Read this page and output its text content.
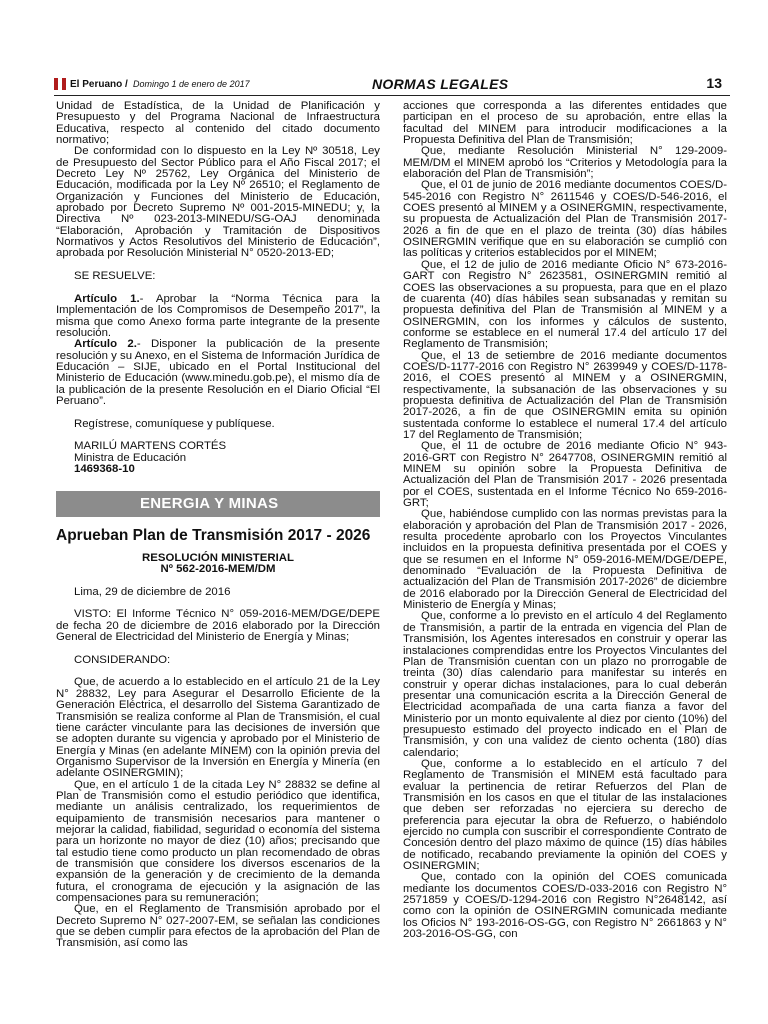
El Peruano / Domingo 1 de enero de 2017	NORMAS LEGALES	13

Unidad de Estadística, de la Unidad de Planificación y Presupuesto y del Programa Nacional de Infraestructura Educativa, respecto al contenido del citado documento normativo;

De conformidad con lo dispuesto en la Ley Nº 30518, Ley de Presupuesto del Sector Público para el Año Fiscal 2017; el Decreto Ley Nº 25762, Ley Orgánica del Ministerio de Educación, modificada por la Ley Nº 26510; el Reglamento de Organización y Funciones del Ministerio de Educación, aprobado por Decreto Supremo Nº 001-2015-MINEDU; y, la Directiva Nº 023-2013-MINEDU/SG-OAJ denominada “Elaboración, Aprobación y Tramitación de Dispositivos Normativos y Actos Resolutivos del Ministerio de Educación”, aprobada por Resolución Ministerial N° 0520-2013-ED;

SE RESUELVE:

Artículo 1.- Aprobar la “Norma Técnica para la Implementación de los Compromisos de Desempeño 2017”, la misma que como Anexo forma parte integrante de la presente resolución.

Artículo 2.- Disponer la publicación de la presente resolución y su Anexo, en el Sistema de Información Jurídica de Educación – SIJE, ubicado en el Portal Institucional del Ministerio de Educación (www.minedu.gob.pe), el mismo día de la publicación de la presente Resolución en el Diario Oficial “El Peruano”.

Regístrese, comuníquese y publíquese.

MARILÚ MARTENS CORTÉS

Ministra de Educación

1469368-10

ENERGIA Y MINAS
Aprueban Plan de Transmisión 2017 - 2026

RESOLUCIÓN MINISTERIAL

Nº 562-2016-MEM/DM

Lima, 29 de diciembre de 2016

VISTO: El Informe Técnico N° 059-2016-MEM/DGE/DEPE de fecha 20 de diciembre de 2016 elaborado por la Dirección General de Electricidad del Ministerio de Energía y Minas;

CONSIDERANDO:

Que, de acuerdo a lo establecido en el artículo 21 de la Ley N° 28832, Ley para Asegurar el Desarrollo Eficiente de la Generación Eléctrica, el desarrollo del Sistema Garantizado de Transmisión se realiza conforme al Plan de Transmisión, el cual tiene carácter vinculante para las decisiones de inversión que se adopten durante su vigencia y aprobado por el Ministerio de Energía y Minas (en adelante MINEM) con la opinión previa del Organismo Supervisor de la Inversión en Energía y Minería (en adelante OSINERGMIN);

Que, en el artículo 1 de la citada Ley N° 28832 se define al Plan de Transmisión como el estudio periódico que identifica, mediante un análisis centralizado, los requerimientos de equipamiento de transmisión necesarios para mantener o mejorar la calidad, fiabilidad, seguridad o economía del sistema para un horizonte no mayor de diez (10) años; precisando que tal estudio tiene como producto un plan recomendado de obras de transmisión que considere los diversos escenarios de la expansión de la generación y de crecimiento de la demanda futura, el cronograma de ejecución y la asignación de las compensaciones para su remuneración;

Que, en el Reglamento de Transmisión aprobado por el Decreto Supremo N° 027-2007-EM, se señalan las condiciones que se deben cumplir para efectos de la aprobación del Plan de Transmisión, así como las

acciones que corresponda a las diferentes entidades que participan en el proceso de su aprobación, entre ellas la facultad del MINEM para introducir modificaciones a la Propuesta Definitiva del Plan de Transmisión;

Que, mediante Resolución Ministerial N° 129-2009-MEM/DM el MINEM aprobó los “Criterios y Metodología para la elaboración del Plan de Transmisión”;

Que, el 01 de junio de 2016 mediante documentos COES/D-545-2016 con Registro N° 2611546 y COES/D-546-2016, el COES presentó al MINEM y a OSINERGMIN, respectivamente, su propuesta de Actualización del Plan de Transmisión 2017-2026 a fin de que en el plazo de treinta (30) días hábiles OSINERGMIN verifique que en su elaboración se cumplió con las políticas y criterios establecidos por el MINEM;

Que, el 12 de julio de 2016 mediante Oficio N° 673-2016-GART con Registro N° 2623581, OSINERGMIN remitió al COES las observaciones a su propuesta, para que en el plazo de cuarenta (40) días hábiles sean subsanadas y remitan su propuesta definitiva del Plan de Transmisión al MINEM y a OSINERGMIN, con los informes y cálculos de sustento, conforme se establece en el numeral 17.4 del artículo 17 del Reglamento de Transmisión;

Que, el 13 de setiembre de 2016 mediante documentos COES/D-1177-2016 con Registro N° 2639949 y COES/D-1178-2016, el COES presentó al MINEM y a OSINERGMIN, respectivamente, la subsanación de las observaciones y su propuesta definitiva de Actualización del Plan de Transmisión 2017-2026, a fin de que OSINERGMIN emita su opinión sustentada conforme lo establece el numeral 17.4 del artículo 17 del Reglamento de Transmisión;

Que, el 11 de octubre de 2016 mediante Oficio N° 943-2016-GRT con Registro N° 2647708, OSINERGMIN remitió al MINEM su opinión sobre la Propuesta Definitiva de Actualización del Plan de Transmisión 2017 - 2026 presentada por el COES, sustentada en el Informe Técnico No 659-2016-GRT;

Que, habiéndose cumplido con las normas previstas para la elaboración y aprobación del Plan de Transmisión 2017 - 2026, resulta procedente aprobarlo con los Proyectos Vinculantes incluidos en la propuesta definitiva presentada por el COES y que se resumen en el Informe N° 059-2016-MEM/DGE/DEPE, denominado “Evaluación de la Propuesta Definitiva de actualización del Plan de Transmisión 2017-2026” de diciembre de 2016 elaborado por la Dirección General de Electricidad del Ministerio de Energía y Minas;

Que, conforme a lo previsto en el artículo 4 del Reglamento de Transmisión, a partir de la entrada en vigencia del Plan de Transmisión, los Agentes interesados en construir y operar las instalaciones comprendidas entre los Proyectos Vinculantes del Plan de Transmisión cuentan con un plazo no prorrogable de treinta (30) días calendario para manifestar su interés en construir y operar dichas instalaciones, para lo cual deberán presentar una comunicación escrita a la Dirección General de Electricidad acompañada de una carta fianza a favor del Ministerio por un monto equivalente al diez por ciento (10%) del presupuesto estimado del proyecto indicado en el Plan de Transmisión, y con una validez de ciento ochenta (180) días calendario;

Que, conforme a lo establecido en el artículo 7 del Reglamento de Transmisión el MINEM está facultado para evaluar la pertinencia de retirar Refuerzos del Plan de Transmisión en los casos en que el titular de las instalaciones que deben ser reforzadas no ejerciera su derecho de preferencia para ejecutar la obra de Refuerzo, o habiéndolo ejercido no cumpla con suscribir el correspondiente Contrato de Concesión dentro del plazo máximo de quince (15) días hábiles de notificado, recabando previamente la opinión del COES y OSINERGMIN;

Que, contado con la opinión del COES comunicada mediante los documentos COES/D-033-2016 con Registro N° 2571859 y COES/D-1294-2016 con Registro N°2648142, así como con la opinión de OSINERGMIN comunicada mediante los Oficios N° 193-2016-OS-GG, con Registro N° 2661863 y N° 203-2016-OS-GG, con
